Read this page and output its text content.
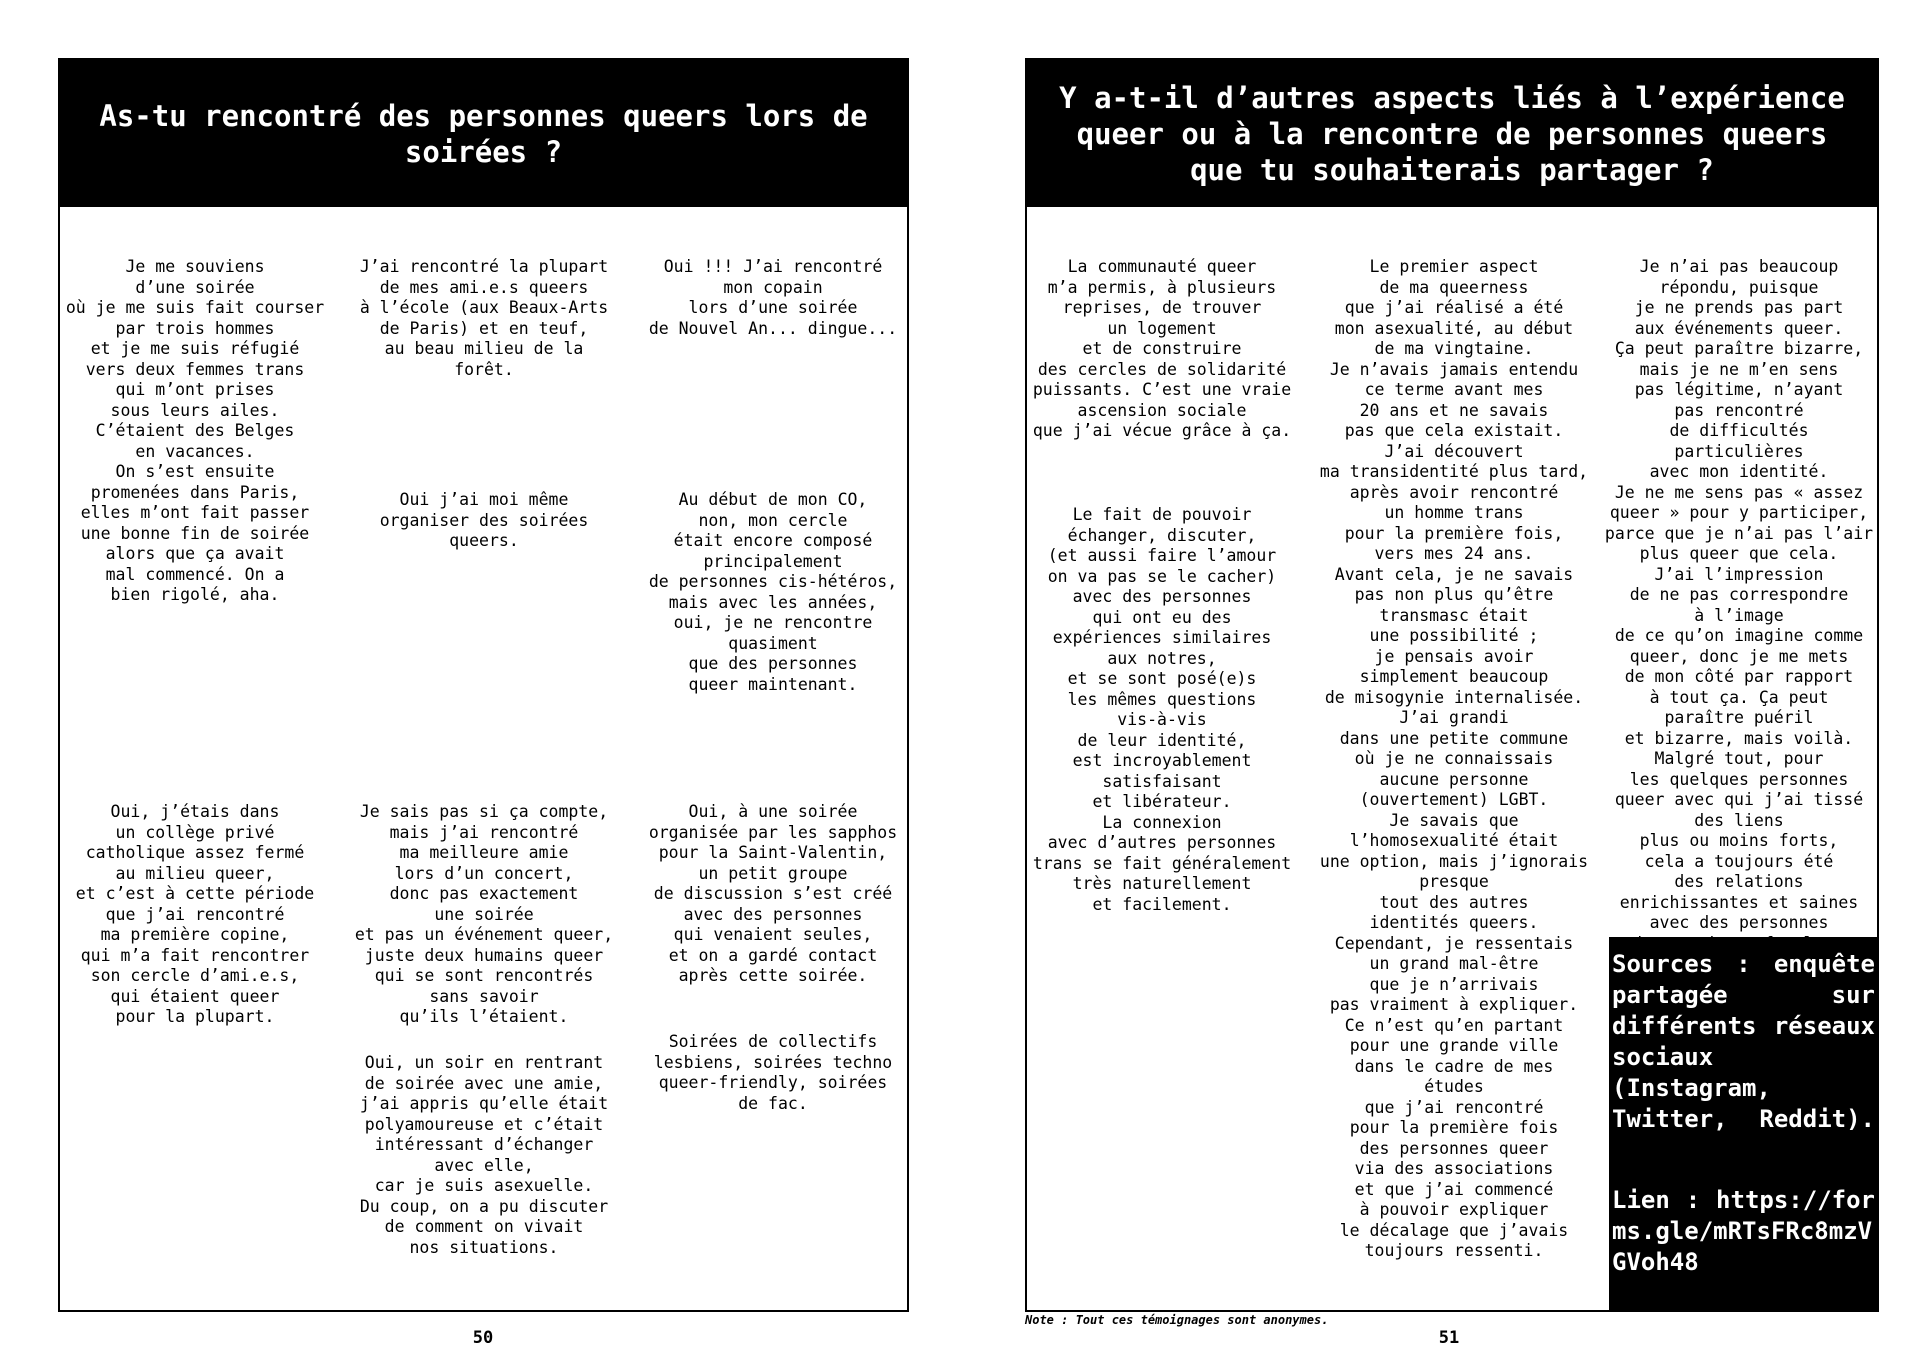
As-tu rencontré des personnes queers lors de soirées ?
Je me souviens
d’une soirée
où je me suis fait courser
par trois hommes
et je me suis réfugié
vers deux femmes trans
qui m’ont prises
sous leurs ailes.
C’étaient des Belges
en vacances.
On s’est ensuite
promenées dans Paris,
elles m’ont fait passer
une bonne fin de soirée
alors que ça avait
mal commencé. On a
bien rigolé, aha.
J’ai rencontré la plupart
de mes ami.e.s queers
à l’école (aux Beaux-Arts
de Paris) et en teuf,
au beau milieu de la
forêt.
Oui !!! J’ai rencontré
mon copain
lors d’une soirée
de Nouvel An... dingue...
Oui j’ai moi même
organiser des soirées
queers.
Au début de mon CO,
non, mon cercle
était encore composé
principalement
de personnes cis-hétéros,
mais avec les années,
oui, je ne rencontre
quasiment
que des personnes
queer maintenant.
Oui, j’étais dans
un collège privé
catholique assez fermé
au milieu queer,
et c’est à cette période
que j’ai rencontré
ma première copine,
qui m’a fait rencontrer
son cercle d’ami.e.s,
qui étaient queer
pour la plupart.
Je sais pas si ça compte,
mais j’ai rencontré
ma meilleure amie
lors d’un concert,
donc pas exactement
une soirée
et pas un événement queer,
juste deux humains queer
qui se sont rencontrés
sans savoir
qu’ils l’étaient.
Oui, à une soirée
organisée par les sapphos
pour la Saint-Valentin,
un petit groupe
de discussion s’est créé
avec des personnes
qui venaient seules,
et on a gardé contact
après cette soirée.
Oui, un soir en rentrant
de soirée avec une amie,
j’ai appris qu’elle était
polyamoureuse et c’était
intéressant d’échanger
avec elle,
car je suis asexuelle.
Du coup, on a pu discuter
de comment on vivait
nos situations.
Soirées de collectifs
lesbiens, soirées techno
queer-friendly, soirées
de fac.
50
Y a-t-il d’autres aspects liés à l’expérience queer ou à la rencontre de personnes queers que tu souhaiterais partager ?
La communauté queer
m’a permis, à plusieurs
reprises, de trouver
un logement
et de construire
des cercles de solidarité
puissants. C’est une vraie
ascension sociale
que j’ai vécue grâce à ça.
Le fait de pouvoir
échanger, discuter,
(et aussi faire l’amour
on va pas se le cacher)
avec des personnes
qui ont eu des
expériences similaires
aux notres,
et se sont posé(e)s
les mêmes questions
vis-à-vis
de leur identité,
est incroyablement
satisfaisant
et libérateur.
La connexion
avec d’autres personnes
trans se fait généralement
très naturellement
et facilement.
Le premier aspect
de ma queerness
que j’ai réalisé a été
mon asexualité, au début
de ma vingtaine.
Je n’avais jamais entendu
ce terme avant mes
20 ans et ne savais
pas que cela existait.
J’ai découvert
ma transidentité plus tard,
après avoir rencontré
un homme trans
pour la première fois,
vers mes 24 ans.
Avant cela, je ne savais
pas non plus qu’être
transmasc était
une possibilité ;
je pensais avoir
simplement beaucoup
de misogynie internalisée.
J’ai grandi
dans une petite commune
où je ne connaissais
aucune personne
(ouvertement) LGBT.
Je savais que
l’homosexualité était
une option, mais j’ignorais
presque
tout des autres
identités queers.
Cependant, je ressentais
un grand mal-être
que je n’arrivais
pas vraiment à expliquer.
Ce n’est qu’en partant
pour une grande ville
dans le cadre de mes
études
que j’ai rencontré
pour la première fois
des personnes queer
via des associations
et que j’ai commencé
à pouvoir expliquer
le décalage que j’avais
toujours ressenti.
Je n’ai pas beaucoup
répondu, puisque
je ne prends pas part
aux événements queer.
Ça peut paraître bizarre,
mais je ne m’en sens
pas légitime, n’ayant
pas rencontré
de difficultés particulières
avec mon identité.
Je ne me sens pas « assez
queer » pour y participer,
parce que je n’ai pas l’air
plus queer que cela.
J’ai l’impression
de ne pas correspondre
à l’image
de ce qu’on imagine comme
queer, donc je me mets
de mon côté par rapport
à tout ça. Ça peut
paraître puéril
et bizarre, mais voilà.
Malgré tout, pour
les quelques personnes
queer avec qui j’ai tissé
des liens
plus ou moins forts,
cela a toujours été
des relations
enrichissantes et saines
avec des personnes

Sources : enquête partagée sur différents réseaux sociaux (Instagram, Twitter, Reddit).

Lien : https://forms.gle/mRTsFRc8mzVGVoh48

Note : Tout ces témoignages sont anonymes.
51
